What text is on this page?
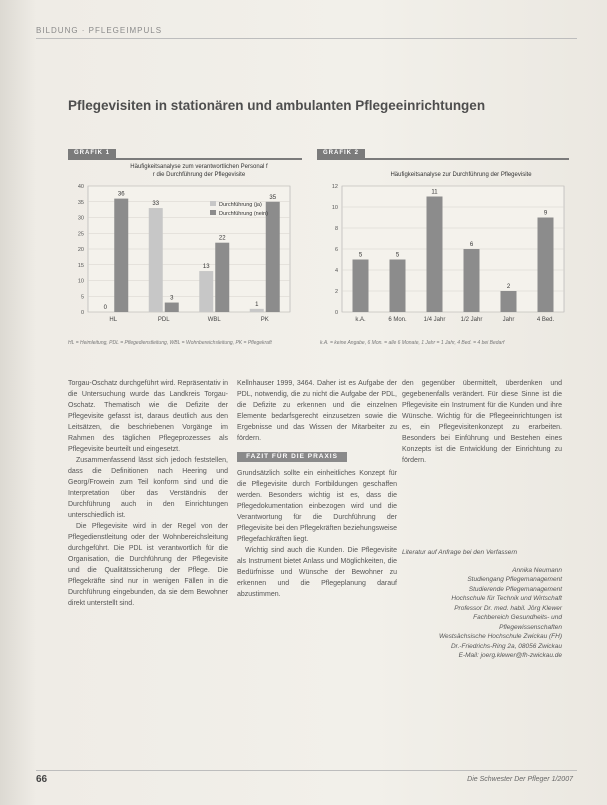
BILDUNG · PFLEGEIMPULS
Pflegevisiten in stationären und ambulanten Pflegeeinrichtungen
GRAFIK 1
Häufigkeitsanalyse zum verantwortlichen Personal f
r die Durchführung der Pflegevisite
0
5
10
15
20
25
30
35
40
0
36
HL
33
3
PDL
13
22
WBL
1
35
PK
Durchführung (ja)
Durchführung (nein)
HL = Heimleitung, PDL = Pflegedienstleitung, WBL = Wohnbereichsleitung, PK = Pflegekraft
GRAFIK 2
Häufigkeitsanalyse zur Durchführung der Pflegevisite
0
2
4
6
8
10
12
5
k.A.
5
6 Mon.
11
1/4 Jahr
6
1/2 Jahr
2
Jahr
9
4 Bed.
k.A. = keine Angabe, 6 Mon. = alle 6 Monate, 1 Jahr = 1 Jahr, 4 Bed. = 4 bei Bedarf

Torgau-Oschatz durchgeführt wird. Repräsentativ in die Untersuchung wurde das Landkreis Torgau-Oschatz. Thematisch wie die Defizite der Pflegevisite gefasst ist, daraus deutlich aus den Leitsätzen, die beschriebenen Vorgänge im Rahmen des täglichen Pflegeprozesses als Pflegevisite beurteilt und eingesetzt.

Zusammenfassend lässt sich jedoch feststellen, dass die Definitionen nach Heering und Georg/Frowein zum Teil konform sind und die Interpretation über das Verständnis der Durchführung auch in den Einrichtungen unterschiedlich ist.

Die Pflegevisite wird in der Regel von der Pflegedienstleitung oder der Wohnbereichsleitung durchgeführt. Die PDL ist verantwortlich für die Organisation, die Durchführung der Pflegevisite und die Qualitätssicherung der Pflege. Die Pflegekräfte sind nur in wenigen Fällen in die Durchführung eingebunden, da sie dem Bewohner direkt unterstellt sind.

Kellnhauser 1999, 3464. Daher ist es Aufgabe der PDL, notwendig, die zu nicht die Aufgabe der PDL, die Defizite zu erkennen und die einzelnen Elemente bedarfsgerecht einzusetzen sowie die Ergebnisse und das Wissen der Mitarbeiter zu fördern.

FAZIT FÜR DIE PRAXIS

Grundsätzlich sollte ein einheitliches Konzept für die Pflegevisite durch Fortbildungen geschaffen werden. Besonders wichtig ist es, dass die Pflegedokumentation einbezogen wird und die Verantwortung für die Durchführung der Pflegevisite bei den Pflegekräften beziehungsweise Pflegefachkräften liegt.

Wichtig sind auch die Kunden. Die Pflegevisite als Instrument bietet Anlass und Möglichkeiten, die Bedürfnisse und Wünsche der Bewohner zu erkennen und die Pflegeplanung darauf abzustimmen.

den gegenüber übermittelt, überdenken und gegebenenfalls verändert. Für diese Sinne ist die Pflegevisite ein Instrument für die Kunden und ihre Wünsche. Wichtig für die Pflegeeinrichtungen ist es, ein Pflegevisitenkonzept zu erarbeiten. Besonders bei Einführung und Bestehen eines Konzepts ist die Entwicklung der Einrichtung zu fördern.

Literatur auf Anfrage bei den Verfassern
Annika Neumann
Studiengang Pflegemanagement
Studierende Pflegemanagement
Hochschule für Technik und Wirtschaft
Professor Dr. med. habil. Jörg Klewer
Fachbereich Gesundheits- und
Pflegewissenschaften
Westsächsische Hochschule Zwickau (FH)
Dr.-Friedrichs-Ring 2a, 08056 Zwickau
E-Mail: joerg.klewer@fh-zwickau.de
66	Die Schwester Der Pfleger 1/2007
